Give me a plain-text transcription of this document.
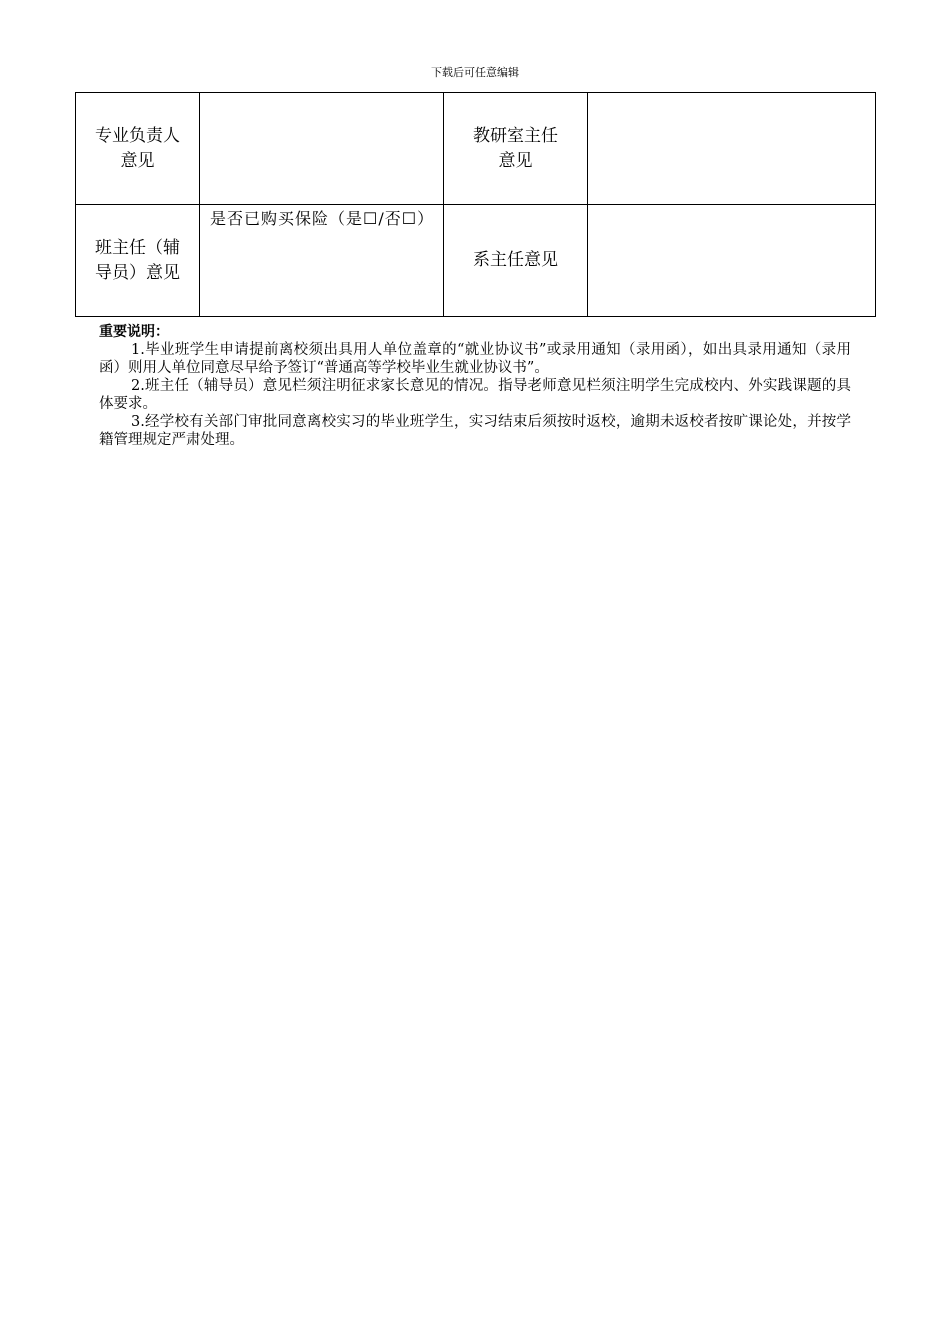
下载后可任意编辑
专业负责人意见		教研室主任意见	
班主任（辅导员）意见	是否已购买保险（是☐/否☐）	系主任意见	
重要说明：

1.毕业班学生申请提前离校须出具用人单位盖章的“就业协议书”或录用通知（录用函），如出具录用通知（录用函）则用人单位同意尽早给予签订“普通高等学校毕业生就业协议书”。

2.班主任（辅导员）意见栏须注明征求家长意见的情况。指导老师意见栏须注明学生完成校内、外实践课题的具体要求。

3.经学校有关部门审批同意离校实习的毕业班学生，实习结束后须按时返校，逾期未返校者按旷课论处，并按学籍管理规定严肃处理。
